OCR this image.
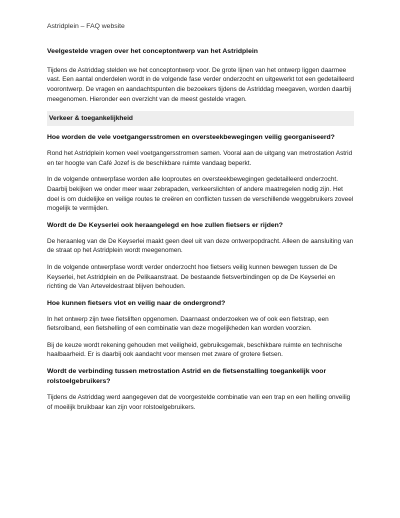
Astridplein – FAQ website
Veelgestelde vragen over het conceptontwerp van het Astridplein

Tijdens de Astriddag stelden we het conceptontwerp voor. De grote lijnen van het ontwerp liggen daarmee vast. Een aantal onderdelen wordt in de volgende fase verder onderzocht en uitgewerkt tot een gedetailleerd voorontwerp. De vragen en aandachtspunten die bezoekers tijdens de Astriddag meegaven, worden daarbij meegenomen. Hieronder een overzicht van de meest gestelde vragen.

Verkeer & toegankelijkheid
Hoe worden de vele voetgangersstromen en oversteekbewegingen veilig georganiseerd?

Rond het Astridplein komen veel voetgangersstromen samen. Vooral aan de uitgang van metrostation Astrid en ter hoogte van Café Jozef is de beschikbare ruimte vandaag beperkt.

In de volgende ontwerpfase worden alle looproutes en oversteekbewegingen gedetailleerd onderzocht. Daarbij bekijken we onder meer waar zebrapaden, verkeerslichten of andere maatregelen nodig zijn. Het doel is om duidelijke en veilige routes te creëren en conflicten tussen de verschillende weggebruikers zoveel mogelijk te vermijden.

Wordt de De Keyserlei ook heraangelegd en hoe zullen fietsers er rijden?

De heraanleg van de De Keyserlei maakt geen deel uit van deze ontwerpopdracht. Alleen de aansluiting van de straat op het Astridplein wordt meegenomen.

In de volgende ontwerpfase wordt verder onderzocht hoe fietsers veilig kunnen bewegen tussen de De Keyserlei, het Astridplein en de Pelikaanstraat. De bestaande fietsverbindingen op de De Keyserlei en richting de Van Arteveldestraat blijven behouden.

Hoe kunnen fietsers vlot en veilig naar de ondergrond?

In het ontwerp zijn twee fietsliften opgenomen. Daarnaast onderzoeken we of ook een fietstrap, een fietsrolband, een fietshelling of een combinatie van deze mogelijkheden kan worden voorzien.

Bij de keuze wordt rekening gehouden met veiligheid, gebruiksgemak, beschikbare ruimte en technische haalbaarheid. Er is daarbij ook aandacht voor mensen met zware of grotere fietsen.

Wordt de verbinding tussen metrostation Astrid en de fietsenstalling toegankelijk voor rolstoelgebruikers?

Tijdens de Astriddag werd aangegeven dat de voorgestelde combinatie van een trap en een helling onveilig of moeilijk bruikbaar kan zijn voor rolstoelgebruikers.
